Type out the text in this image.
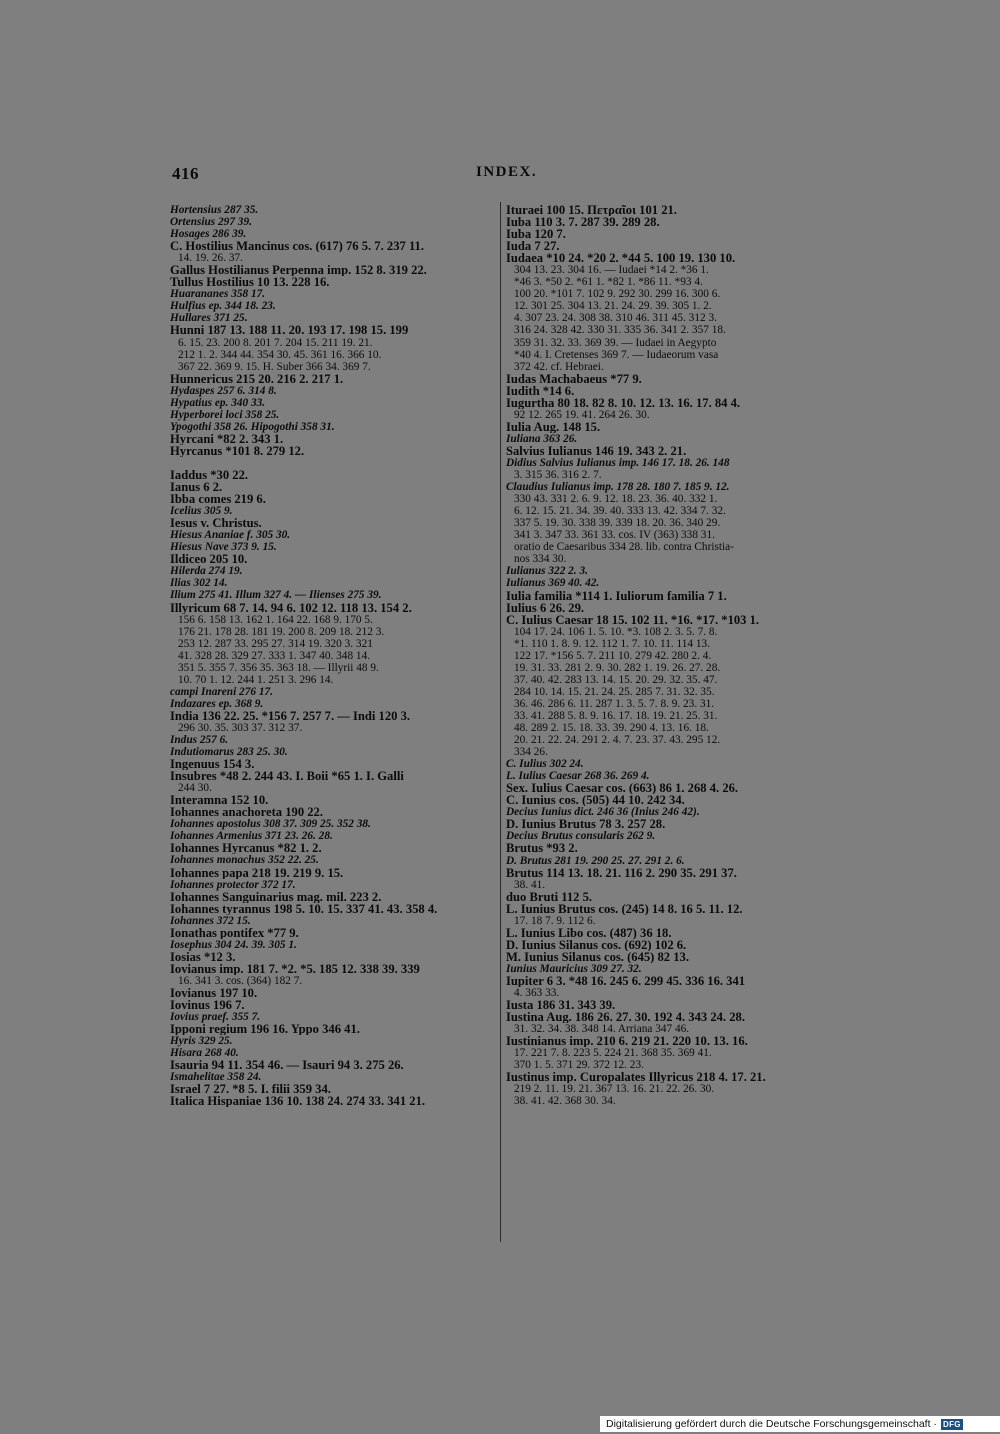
416	INDEX.
Hortensius 287 35.
Ortensius 297 39.
Hosages 286 39.
C. Hostilius Mancinus cos. (617) 76 5. 7. 237 11.
14. 19. 26. 37.
Gallus Hostilianus Perpenna imp. 152 8. 319 22.
Tullus Hostilius 10 13. 228 16.
Huarananes 358 17.
Hulfius ep. 344 18. 23.
Hullares 371 25.
Hunni 187 13. 188 11. 20. 193 17. 198 15. 199
6. 15. 23. 200 8. 201 7. 204 15. 211 19. 21.
212 1. 2. 344 44. 354 30. 45. 361 16. 366 10.
367 22. 369 9. 15. H. Suber 366 34. 369 7.
Hunnericus 215 20. 216 2. 217 1.
Hydaspes 257 6. 314 8.
Hypatius ep. 340 33.
Hyperborei loci 358 25.
Ypogothi 358 26. Hipogothi 358 31.
Hyrcani *82 2. 343 1.
Hyrcanus *101 8. 279 12.
Iaddus *30 22.
Ianus 6 2.
Ibba comes 219 6.
Icelius 305 9.
Iesus v. Christus.
Hiesus Ananiae f. 305 30.
Hiesus Nave 373 9. 15.
Ildiceo 205 10.
Hilerda 274 19.
Ilias 302 14.
Ilium 275 41. Illum 327 4. — Ilienses 275 39.
Illyricum 68 7. 14. 94 6. 102 12. 118 13. 154 2.
156 6. 158 13. 162 1. 164 22. 168 9. 170 5.
176 21. 178 28. 181 19. 200 8. 209 18. 212 3.
253 12. 287 33. 295 27. 314 19. 320 3. 321
41. 328 28. 329 27. 333 1. 347 40. 348 14.
351 5. 355 7. 356 35. 363 18. — Illyrii 48 9.
10. 70 1. 12. 244 1. 251 3. 296 14.
campi Inareni 276 17.
Indazares ep. 368 9.
India 136 22. 25. *156 7. 257 7. — Indi 120 3.
296 30. 35. 303 37. 312 37.
Indus 257 6.
Indutiomarus 283 25. 30.
Ingenuus 154 3.
Insubres *48 2. 244 43. I. Boii *65 1. I. Galli
244 30.
Interamna 152 10.
Iohannes anachoreta 190 22.
Iohannes apostolus 308 37. 309 25. 352 38.
Iohannes Armenius 371 23. 26. 28.
Iohannes Hyrcanus *82 1. 2.
Iohannes monachus 352 22. 25.
Iohannes papa 218 19. 219 9. 15.
Iohannes protector 372 17.
Iohannes Sanguinarius mag. mil. 223 2.
Iohannes tyrannus 198 5. 10. 15. 337 41. 43. 358 4.
Iohannes 372 15.
Ionathas pontifex *77 9.
Iosephus 304 24. 39. 305 1.
Iosias *12 3.
Iovianus imp. 181 7. *2. *5. 185 12. 338 39. 339
16. 341 3. cos. (364) 182 7.
Iovianus 197 10.
Iovinus 196 7.
Iovius praef. 355 7.
Ipponi regium 196 16. Yppo 346 41.
Hyris 329 25.
Hisara 268 40.
Isauria 94 11. 354 46. — Isauri 94 3. 275 26.
Ismahelitae 358 24.
Israel 7 27. *8 5. I. filii 359 34.
Italica Hispaniae 136 10. 138 24. 274 33. 341 21.
Ituraei 100 15. Πετραῖοι 101 21.
Iuba 110 3. 7. 287 39. 289 28.
Iuba 120 7.
Iuda 7 27.
Iudaea *10 24. *20 2. *44 5. 100 19. 130 10.
304 13. 23. 304 16. — Iudaei *14 2. *36 1.
*46 3. *50 2. *61 1. *82 1. *86 11. *93 4.
100 20. *101 7. 102 9. 292 30. 299 16. 300 6.
12. 301 25. 304 13. 21. 24. 29. 39. 305 1. 2.
4. 307 23. 24. 308 38. 310 46. 311 45. 312 3.
316 24. 328 42. 330 31. 335 36. 341 2. 357 18.
359 31. 32. 33. 369 39. — Iudaei in Aegypto
*40 4. I. Cretenses 369 7. — Iudaeorum vasa
372 42. cf. Hebraei.
Iudas Machabaeus *77 9.
Iudith *14 6.
Iugurtha 80 18. 82 8. 10. 12. 13. 16. 17. 84 4.
92 12. 265 19. 41. 264 26. 30.
Iulia Aug. 148 15.
Iuliana 363 26.
Salvius Iulianus 146 19. 343 2. 21.
Didius Salvius Iulianus imp. 146 17. 18. 26. 148
3. 315 36. 316 2. 7.
Claudius Iulianus imp. 178 28. 180 7. 185 9. 12.
330 43. 331 2. 6. 9. 12. 18. 23. 36. 40. 332 1.
6. 12. 15. 21. 34. 39. 40. 333 13. 42. 334 7. 32.
337 5. 19. 30. 338 39. 339 18. 20. 36. 340 29.
341 3. 347 33. 361 33. cos. IV (363) 338 31.
oratio de Caesaribus 334 28. lib. contra Christia-
nos 334 30.
Iulianus 322 2. 3.
Iulianus 369 40. 42.
Iulia familia *114 1. Iuliorum familia 7 1.
Iulius 6 26. 29.
C. Iulius Caesar 18 15. 102 11. *16. *17. *103 1.
104 17. 24. 106 1. 5. 10. *3. 108 2. 3. 5. 7. 8.
*1. 110 1. 8. 9. 12. 112 1. 7. 10. 11. 114 13.
122 17. *156 5. 7. 211 10. 279 42. 280 2. 4.
19. 31. 33. 281 2. 9. 30. 282 1. 19. 26. 27. 28.
37. 40. 42. 283 13. 14. 15. 20. 29. 32. 35. 47.
284 10. 14. 15. 21. 24. 25. 285 7. 31. 32. 35.
36. 46. 286 6. 11. 287 1. 3. 5. 7. 8. 9. 23. 31.
33. 41. 288 5. 8. 9. 16. 17. 18. 19. 21. 25. 31.
48. 289 2. 15. 18. 33. 39. 290 4. 13. 16. 18.
20. 21. 22. 24. 291 2. 4. 7. 23. 37. 43. 295 12.
334 26.
C. Iulius 302 24.
L. Iulius Caesar 268 36. 269 4.
Sex. Iulius Caesar cos. (663) 86 1. 268 4. 26.
C. Iunius cos. (505) 44 10. 242 34.
Decius Iunius dict. 246 36 (Inius 246 42).
D. Iunius Brutus 78 3. 257 28.
Decius Brutus consularis 262 9.
Brutus *93 2.
D. Brutus 281 19. 290 25. 27. 291 2. 6.
Brutus 114 13. 18. 21. 116 2. 290 35. 291 37.
38. 41.
duo Bruti 112 5.
L. Iunius Brutus cos. (245) 14 8. 16 5. 11. 12.
17. 18 7. 9. 112 6.
L. Iunius Libo cos. (487) 36 18.
D. Iunius Silanus cos. (692) 102 6.
M. Iunius Silanus cos. (645) 82 13.
Iunius Mauricius 309 27. 32.
Iupiter 6 3. *48 16. 245 6. 299 45. 336 16. 341
4. 363 33.
Iusta 186 31. 343 39.
Iustina Aug. 186 26. 27. 30. 192 4. 343 24. 28.
31. 32. 34. 38. 348 14. Arriana 347 46.
Iustinianus imp. 210 6. 219 21. 220 10. 13. 16.
17. 221 7. 8. 223 5. 224 21. 368 35. 369 41.
370 1. 5. 371 29. 372 12. 23.
Iustinus imp. Curopalates Illyricus 218 4. 17. 21.
219 2. 11. 19. 21. 367 13. 16. 21. 22. 26. 30.
38. 41. 42. 368 30. 34.
Digitalisierung gefördert durch die Deutsche Forschungsgemeinschaft · DFG
